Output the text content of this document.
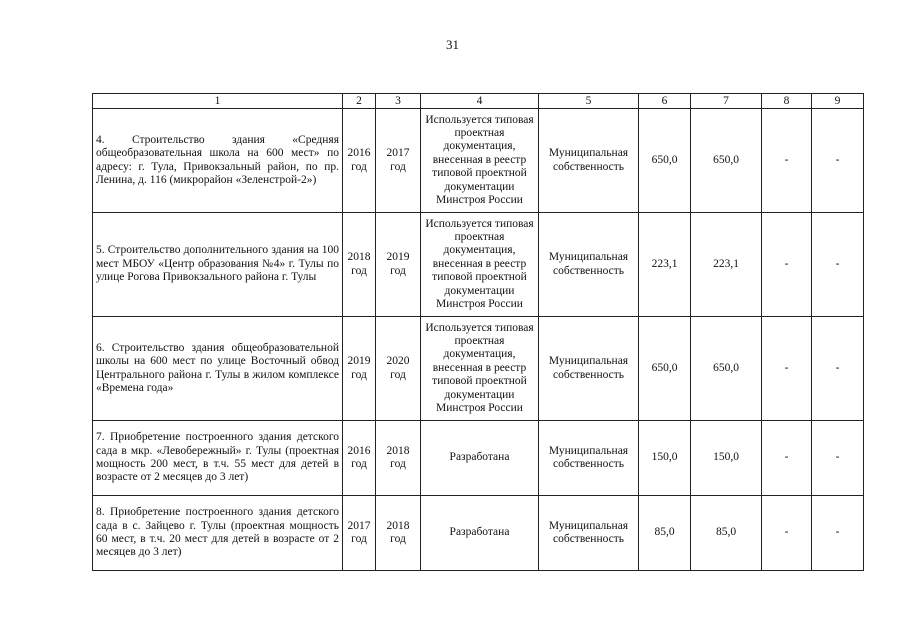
31
1	2	3	4	5	6	7	8	9
4. Строительство здания «Средняя общеобразовательная школа на 600 мест» по адресу: г. Тула, Привокзальный район, по пр. Ленина, д. 116 (микрорайон «Зеленстрой-2»)	2016 год	2017 год	Используется типовая проектная документация, внесенная в реестр типовой проектной документации Минстроя России	Муниципальная собственность	650,0	650,0	-	-
5. Строительство дополнительного здания на 100 мест МБОУ «Центр образования №4» г. Тулы по улице Рогова Привокзального района г. Тулы	2018 год	2019 год	Используется типовая проектная документация, внесенная в реестр типовой проектной документации Минстроя России	Муниципальная собственность	223,1	223,1	-	-
6. Строительство здания общеобразовательной школы на 600 мест по улице Восточный обвод Центрального района г. Тулы в жилом комплексе «Времена года»	2019 год	2020 год	Используется типовая проектная документация, внесенная в реестр типовой проектной документации Минстроя России	Муниципальная собственность	650,0	650,0	-	-
7. Приобретение построенного здания детского сада в мкр. «Левобережный» г. Тулы (проектная мощность 200 мест, в т.ч. 55 мест для детей в возрасте от 2 месяцев до 3 лет)	2016 год	2018 год	Разработана	Муниципальная собственность	150,0	150,0	-	-
8. Приобретение построенного здания детского сада в с. Зайцево г. Тулы (проектная мощность 60 мест, в т.ч. 20 мест для детей в возрасте от 2 месяцев до 3 лет)	2017 год	2018 год	Разработана	Муниципальная собственность	85,0	85,0	-	-
